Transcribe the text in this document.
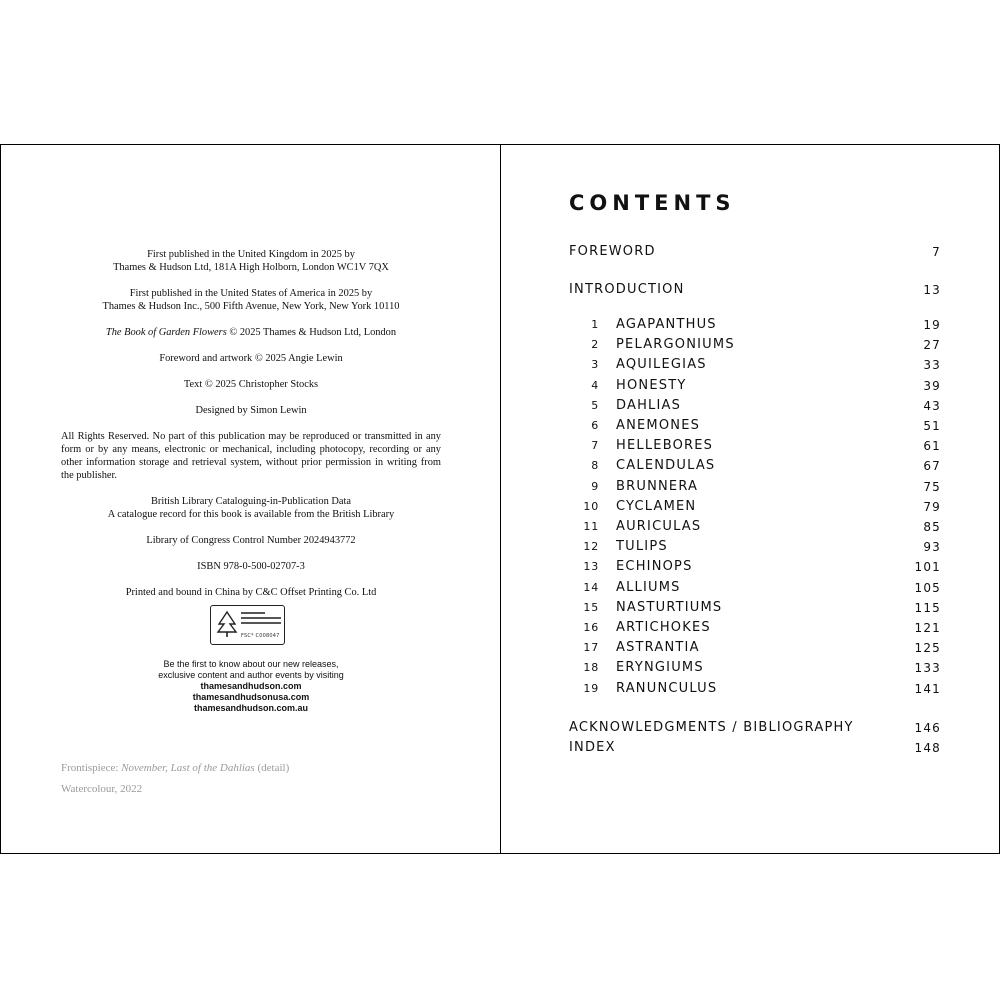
First published in the United Kingdom in 2025 by
Thames & Hudson Ltd, 181A High Holborn, London WC1V 7QX

First published in the United States of America in 2025 by
Thames & Hudson Inc., 500 Fifth Avenue, New York, New York 10110

The Book of Garden Flowers © 2025 Thames & Hudson Ltd, London

Foreword and artwork © 2025 Angie Lewin

Text © 2025 Christopher Stocks

Designed by Simon Lewin

All Rights Reserved. No part of this publication may be reproduced or transmitted in any form or by any means, electronic or mechanical, including photocopy, recording or any other information storage and retrieval system, without prior permission in writing from the publisher.

British Library Cataloguing-in-Publication Data
A catalogue record for this book is available from the British Library

Library of Congress Control Number 2024943772

ISBN 978-0-500-02707-3

Printed and bound in China by C&C Offset Printing Co. Ltd

FSC* C008047
Be the first to know about our new releases,
exclusive content and author events by visiting
thamesandhudson.com
thamesandhudsonusa.com
thamesandhudson.com.au
Frontispiece: November, Last of the Dahlias (detail)
Watercolour, 2022
CONTENTS
FOREWORD	7
INTRODUCTION	13
1 AGAPANTHUS	19
2 PELARGONIUMS	27
3 AQUILEGIAS	33
4 HONESTY	39
5 DAHLIAS	43
6 ANEMONES	51
7 HELLEBORES	61
8 CALENDULAS	67
9 BRUNNERA	75
10 CYCLAMEN	79
11 AURICULAS	85
12 TULIPS	93
13 ECHINOPS	101
14 ALLIUMS	105
15 NASTURTIUMS	115
16 ARTICHOKES	121
17 ASTRANTIA	125
18 ERYNGIUMS	133
19 RANUNCULUS	141
ACKNOWLEDGMENTS / BIBLIOGRAPHY	146
INDEX	148
